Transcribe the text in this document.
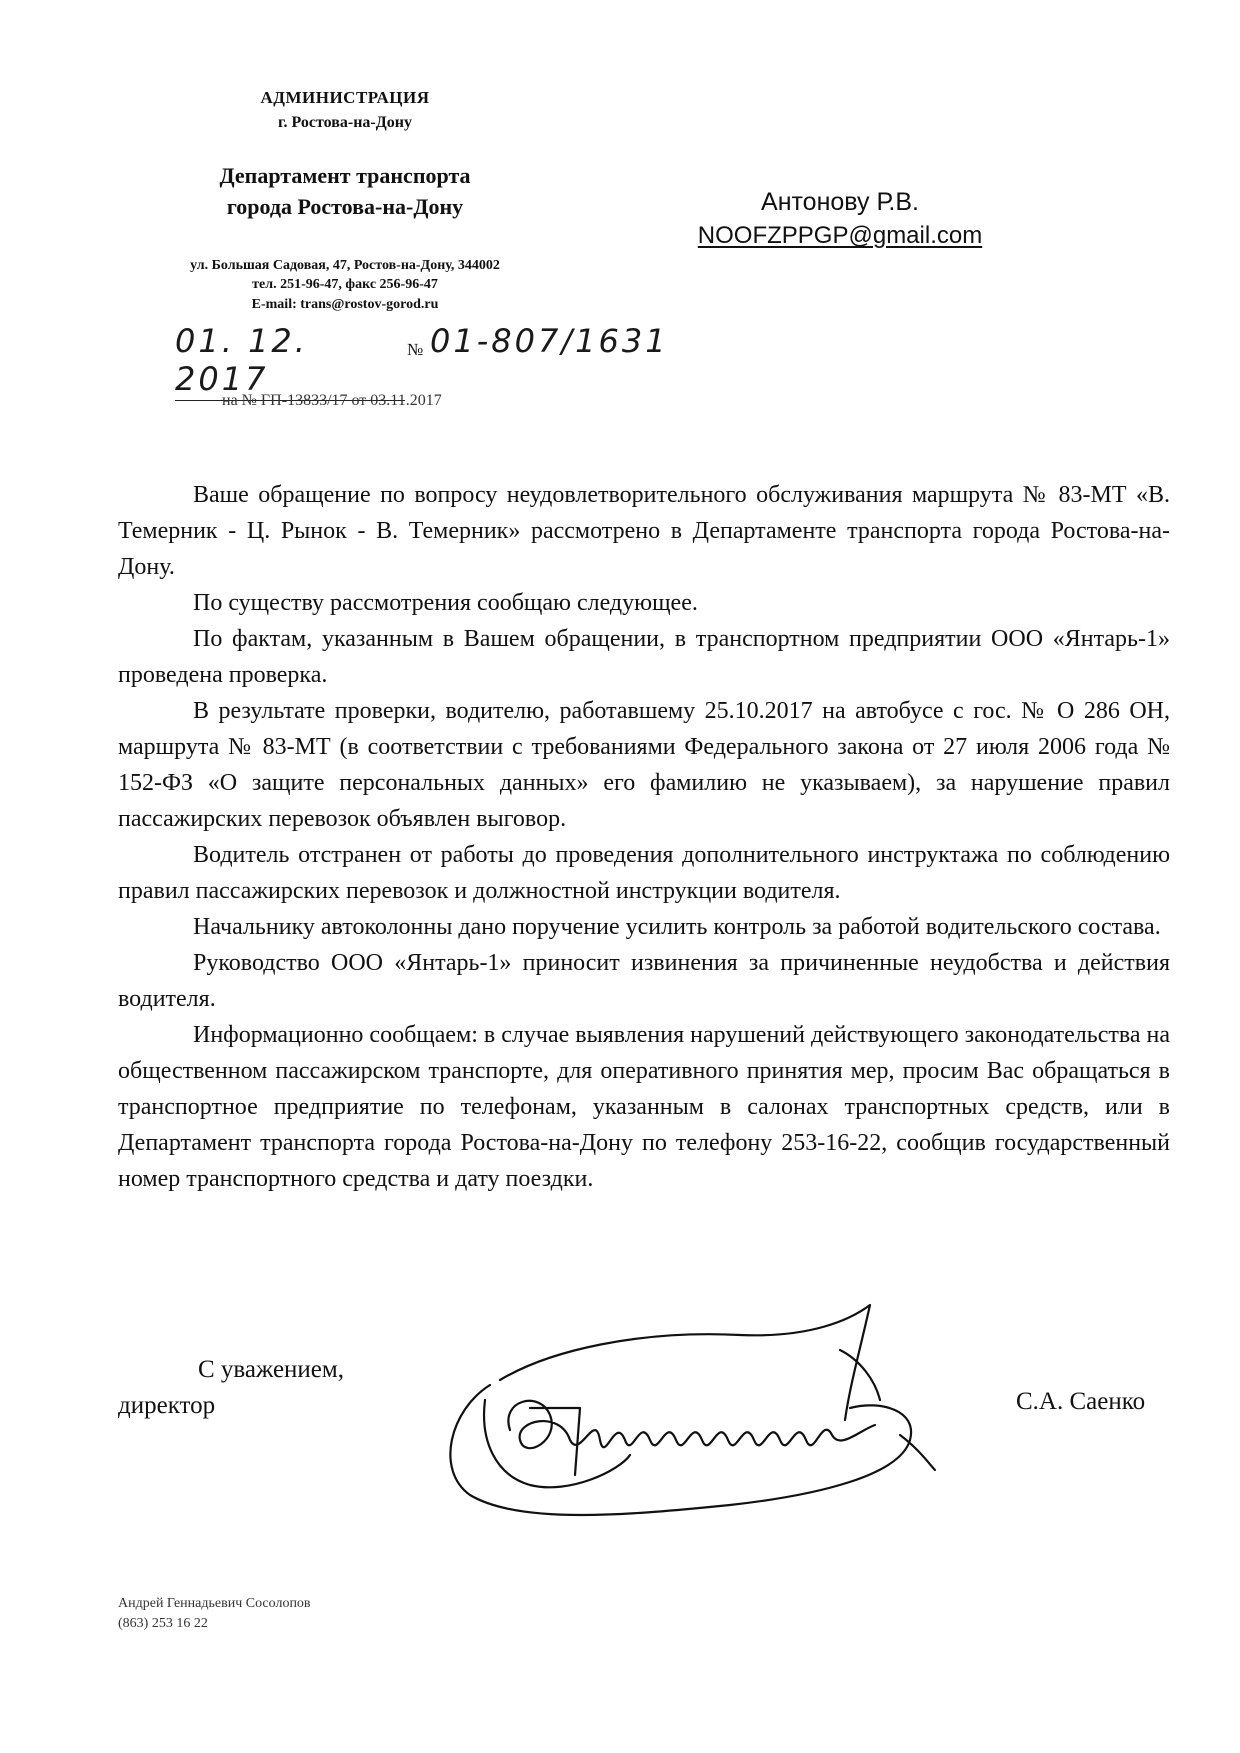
АДМИНИСТРАЦИЯ
г. Ростова-на-Дону
Департамент транспорта
города Ростова-на-Дону
ул. Большая Садовая, 47, Ростов-на-Дону, 344002
тел. 251-96-47, факс 256-96-47
E-mail: trans@rostov-gorod.ru
01. 12. 2017
№ 01-807/1631
на № ГП-13833/17 от 03.11.2017
Антонову Р.В.
NOOFZPPGP@gmail.com

Ваше обращение по вопросу неудовлетворительного обслуживания маршрута № 83-МТ «В. Темерник - Ц. Рынок - В. Темерник» рассмотрено в Департаменте транспорта города Ростова-на-Дону.

По существу рассмотрения сообщаю следующее.

По фактам, указанным в Вашем обращении, в транспортном предприятии ООО «Янтарь-1» проведена проверка.

В результате проверки, водителю, работавшему 25.10.2017 на автобусе с гос. № О 286 ОН, маршрута № 83-МТ (в соответствии с требованиями Федерального закона от 27 июля 2006 года № 152-ФЗ «О защите персональных данных» его фамилию не указываем), за нарушение правил пассажирских перевозок объявлен выговор.

Водитель отстранен от работы до проведения дополнительного инструктажа по соблюдению правил пассажирских перевозок и должностной инструкции водителя.

Начальнику автоколонны дано поручение усилить контроль за работой водительского состава.

Руководство ООО «Янтарь-1» приносит извинения за причиненные неудобства и действия водителя.

Информационно сообщаем: в случае выявления нарушений действующего законодательства на общественном пассажирском транспорте, для оперативного принятия мер, просим Вас обращаться в транспортное предприятие по телефонам, указанным в салонах транспортных средств, или в Департамент транспорта города Ростова-на-Дону по телефону 253-16-22, сообщив государственный номер транспортного средства и дату поездки.

С уважением,
директор	С.А. Саенко
Андрей Геннадьевич Сосолопов
(863) 253 16 22
